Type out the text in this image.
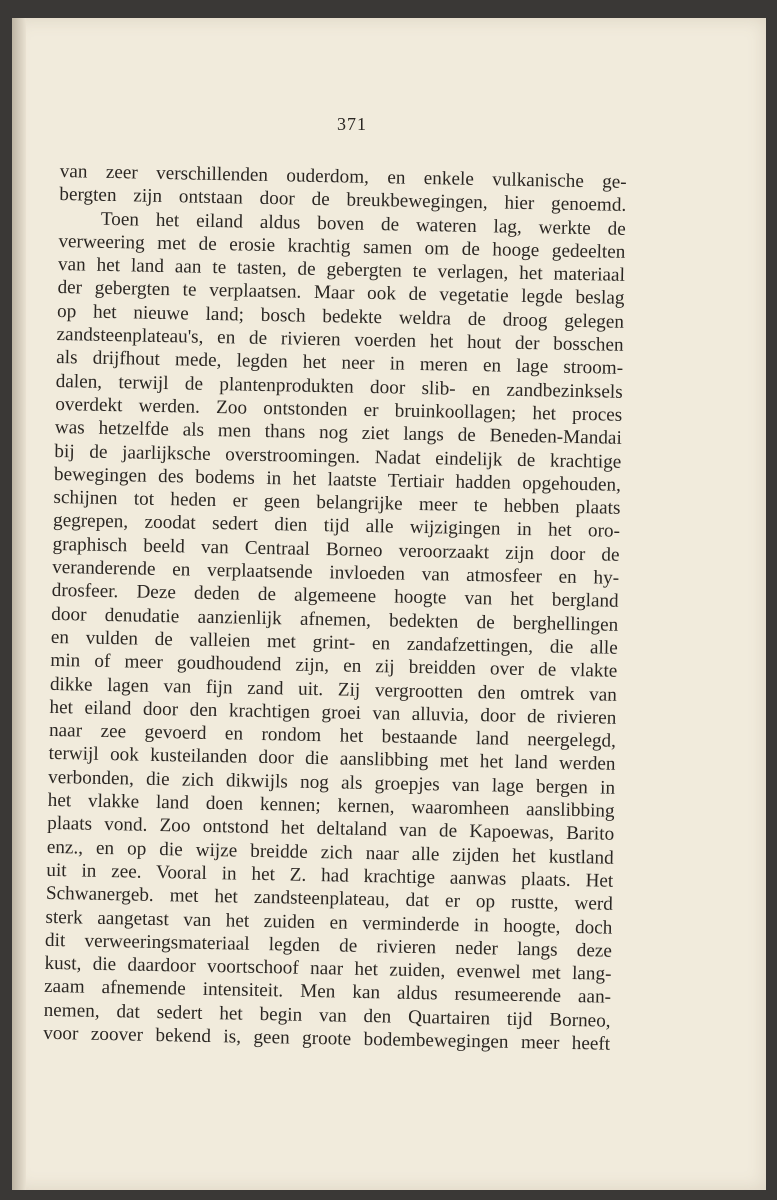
371
van zeer verschillenden ouderdom, en enkele vulkanische ge-
bergten zijn ontstaan door de breukbewegingen, hier genoemd.
Toen het eiland aldus boven de wateren lag, werkte de
verweering met de erosie krachtig samen om de hooge gedeelten
van het land aan te tasten, de gebergten te verlagen, het materiaal
der gebergten te verplaatsen. Maar ook de vegetatie legde beslag
op het nieuwe land; bosch bedekte weldra de droog gelegen
zandsteenplateau's, en de rivieren voerden het hout der bosschen
als drijfhout mede, legden het neer in meren en lage stroom-
dalen, terwijl de plantenprodukten door slib- en zandbezinksels
overdekt werden. Zoo ontstonden er bruinkoollagen; het proces
was hetzelfde als men thans nog ziet langs de Beneden-Mandai
bij de jaarlijksche overstroomingen. Nadat eindelijk de krachtige
bewegingen des bodems in het laatste Tertiair hadden opgehouden,
schijnen tot heden er geen belangrijke meer te hebben plaats
gegrepen, zoodat sedert dien tijd alle wijzigingen in het oro-
graphisch beeld van Centraal Borneo veroorzaakt zijn door de
veranderende en verplaatsende invloeden van atmosfeer en hy-
drosfeer. Deze deden de algemeene hoogte van het bergland
door denudatie aanzienlijk afnemen, bedekten de berghellingen
en vulden de valleien met grint- en zandafzettingen, die alle
min of meer goudhoudend zijn, en zij breidden over de vlakte
dikke lagen van fijn zand uit. Zij vergrootten den omtrek van
het eiland door den krachtigen groei van alluvia, door de rivieren
naar zee gevoerd en rondom het bestaande land neergelegd,
terwijl ook kusteilanden door die aanslibbing met het land werden
verbonden, die zich dikwijls nog als groepjes van lage bergen in
het vlakke land doen kennen; kernen, waaromheen aanslibbing
plaats vond. Zoo ontstond het deltaland van de Kapoewas, Barito
enz., en op die wijze breidde zich naar alle zijden het kustland
uit in zee. Vooral in het Z. had krachtige aanwas plaats. Het
Schwanergeb. met het zandsteenplateau, dat er op rustte, werd
sterk aangetast van het zuiden en verminderde in hoogte, doch
dit verweeringsmateriaal legden de rivieren neder langs deze
kust, die daardoor voortschoof naar het zuiden, evenwel met lang-
zaam afnemende intensiteit. Men kan aldus resumeerende aan-
nemen, dat sedert het begin van den Quartairen tijd Borneo,
voor zoover bekend is, geen groote bodembewegingen meer heeft
